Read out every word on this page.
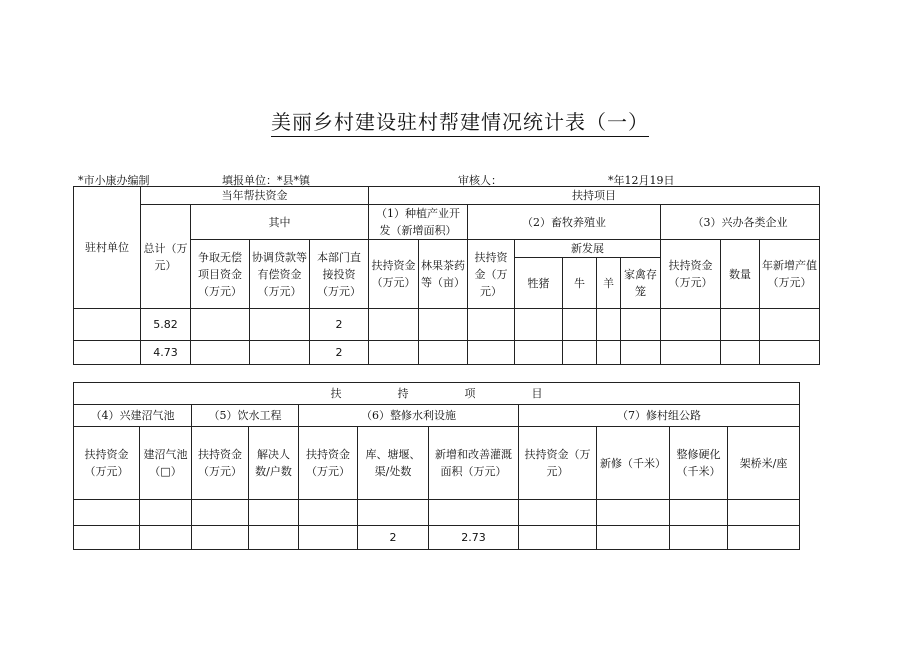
美丽乡村建设驻村帮建情况统计表（一）
*市小康办编制	填报单位：*县*镇	审核人：	*年12月19日
驻村单位	当年帮扶资金				扶持项目									
	总计（万元）	其中			（1）种植产业开发（新增面积）		（2）畜牧养殖业					（3）兴办各类企业		
		争取无偿项目资金（万元）	协调贷款等有偿资金（万元）	本部门直接投资（万元）	扶持资金（万元）	林果茶药等（亩）	扶持资金（万元）	新发展				扶持资金（万元）	数量	年新增产值（万元）
								牲猪	牛	羊	家禽存笼			
	5.82			2										
	4.73			2										
扶 持 项 目										
（4）兴建沼气池		（5）饮水工程		（6）整修水利设施			（7）修村组公路			
扶持资金（万元）	建沼气池（□）	扶持资金（万元）	解决人数/户数	扶持资金（万元）	库、塘堰、渠/处数	新增和改善灌溉面积（万元）	扶持资金（万元）	新修（千米）	整修硬化（千米）	架桥米/座

					2	2.73				
